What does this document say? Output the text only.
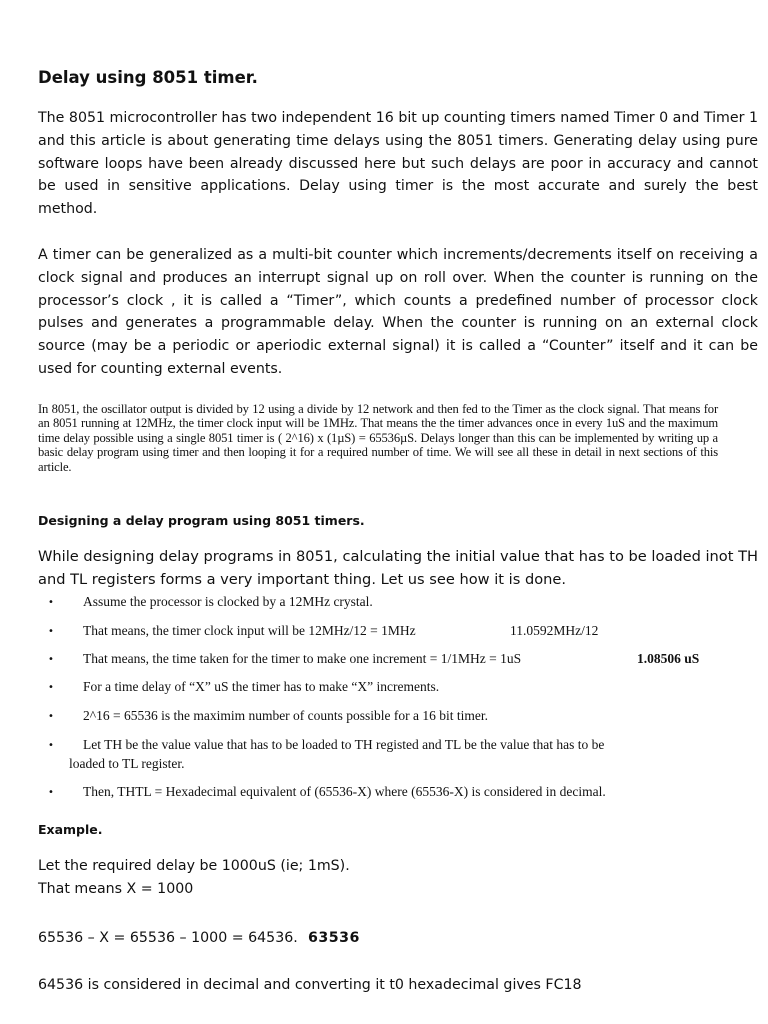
Delay using 8051 timer.

The 8051 microcontroller has two independent 16 bit up counting timers named Timer 0 and Timer 1 and this article is about generating time delays using the 8051 timers. Generating delay using pure software loops have been already discussed here but such delays are poor in accuracy and cannot be used in sensitive applications. Delay using timer is the most accurate and surely the best method.

A timer can be generalized as a multi-bit counter which increments/decrements itself on receiving a clock signal and produces an interrupt signal up on roll over. When the counter is running on the processor’s clock , it is called a “Timer”, which counts a predefined number of processor clock pulses and generates a programmable delay. When the counter is running on an external clock source (may be a periodic or aperiodic external signal) it is called a “Counter” itself and it can be used for counting external events.

In 8051, the oscillator output is divided by 12 using a divide by 12 network and then fed to the Timer as the clock signal. That means for an 8051 running at 12MHz, the timer clock input will be 1MHz. That means the the timer advances once in every 1uS and the maximum time delay possible using a single 8051 timer is ( 2^16) x (1µS) = 65536µS. Delays longer than this can be implemented by writing up a basic delay program using timer and then looping it for a required number of time. We will see all these in detail in next sections of this article.

Designing a delay program using 8051 timers.

While designing delay programs in 8051, calculating the initial value that has to be loaded inot TH and TL registers forms a very important thing. Let us see how it is done.

• Assume the processor is clocked by a 12MHz crystal.
• That means, the timer clock input will be 12MHz/12 = 1MHz	11.0592MHz/12
• That means, the time taken for the timer to make one increment = 1/1MHz = 1uS	1.08506 uS
• For a time delay of “X” uS the timer has to make “X” increments.
• 2^16 = 65536 is the maximim number of counts possible for a 16 bit timer.
• Let TH be the value value that has to be loaded to TH registed and TL be the value that has to be
loaded to TL register.
• Then, THTL = Hexadecimal equivalent of (65536-X) where (65536-X) is considered in decimal.
Example.
Let the required delay be 1000uS (ie; 1mS).
That means X = 1000
65536 – X = 65536 – 1000 = 64536. 63536
64536 is considered in decimal and converting it t0 hexadecimal gives FC18
